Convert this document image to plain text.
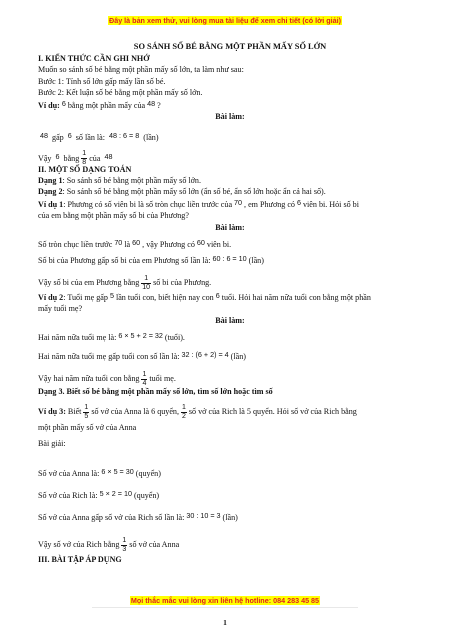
Đây là bản xem thử, vui lòng mua tài liệu để xem chi tiết (có lời giải)
SO SÁNH SỐ BÉ BẰNG MỘT PHẦN MẤY SỐ LỚN
I. KIẾN THỨC CẦN GHI NHỚ
Muốn so sánh số bé bằng một phần mấy số lớn, ta làm như sau:
Bước 1: Tính số lớn gấp mấy lần số bé.
Bước 2: Kết luận số bé bằng một phần mấy số lớn.
Ví dụ: 6 bằng một phần mấy của 48 ?
Bài làm:
48 gấp 6 số lần là: 48 : 6 = 8 (lần)
Vậy 6 bằng $\frac{1}{8}$ của 48
II. MỘT SỐ DẠNG TOÁN
Dạng 1: So sánh số bé bằng một phần mấy số lớn.
Dạng 2: So sánh số bé bằng một phần mấy số lớn (ẩn số bé, ẩn số lớn hoặc ẩn cả hai số).
Ví dụ 1: Phương có số viên bi là số tròn chục liền trước của 70 , em Phương có 6 viên bi. Hỏi số bi
của em bằng một phần mấy số bi của Phương?
Bài làm:
Số tròn chục liền trước 70 là 60 , vậy Phương có 60 viên bi.
Số bi của Phương gấp số bi của em Phương số lần là: 60 : 6 = 10 (lần)
Vậy số bi của em Phương bằng $\frac{1}{10}$ số bi của Phương.
Ví dụ 2: Tuổi mẹ gấp 5 lần tuổi con, biết hiện nay con 6 tuổi. Hỏi hai năm nữa tuổi con bằng một phần
mấy tuổi mẹ?
Bài làm:
Hai năm nữa tuổi mẹ là: 6 × 5 + 2 = 32 (tuổi).
Hai năm nữa tuổi mẹ gấp tuổi con số lần là: 32 : (6 + 2) = 4 (lần)
Vậy hai năm nữa tuổi con bằng $\frac{1}{4}$ tuổi mẹ.
Dạng 3. Biết số bé bằng một phần mấy số lớn, tìm số lớn hoặc tìm số
Ví dụ 3: Biết $\frac{1}{5}$ số vở của Anna là 6 quyển, $\frac{1}{2}$ số vở của Rich là 5 quyển. Hỏi số vở của Rich bằng
một phần mấy số vở của Anna
Bài giải:
Số vở của Anna là: 6 × 5 = 30 (quyển)
Số vở của Rich là: 5 × 2 = 10 (quyển)
Số vở của Anna gấp số vở của Rich số lần là: 30 : 10 = 3 (lần)
Vậy số vở của Rich bằng $\frac{1}{3}$ số vở của Anna
III. BÀI TẬP ÁP DỤNG
Mọi thắc mắc vui lòng xin liên hệ hotline: 084 283 45 85
1
